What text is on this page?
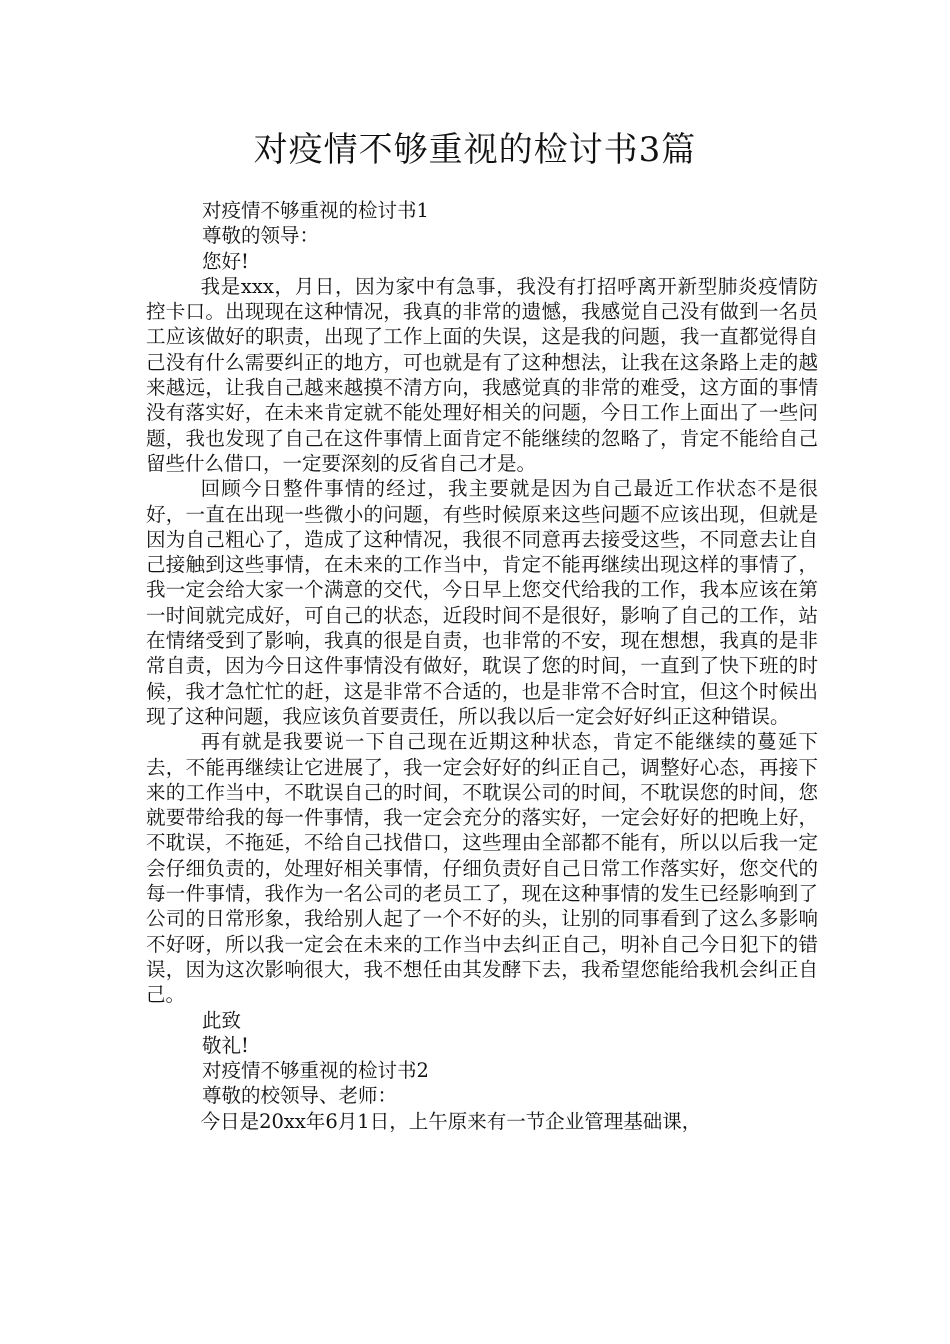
对疫情不够重视的检讨书3篇

对疫情不够重视的检讨书1

尊敬的领导：

您好!

我是xxx，月日，因为家中有急事，我没有打招呼离开新型肺炎疫情防控卡口。出现现在这种情况，我真的非常的遗憾，我感觉自己没有做到一名员工应该做好的职责，出现了工作上面的失误，这是我的问题，我一直都觉得自己没有什么需要纠正的地方，可也就是有了这种想法，让我在这条路上走的越来越远，让我自己越来越摸不清方向，我感觉真的非常的难受，这方面的事情没有落实好，在未来肯定就不能处理好相关的问题，今日工作上面出了一些问题，我也发现了自己在这件事情上面肯定不能继续的忽略了，肯定不能给自己留些什么借口，一定要深刻的反省自己才是。

回顾今日整件事情的经过，我主要就是因为自己最近工作状态不是很好，一直在出现一些微小的问题，有些时候原来这些问题不应该出现，但就是因为自己粗心了，造成了这种情况，我很不同意再去接受这些，不同意去让自己接触到这些事情，在未来的工作当中，肯定不能再继续出现这样的事情了，我一定会给大家一个满意的交代，今日早上您交代给我的工作，我本应该在第一时间就完成好，可自己的状态，近段时间不是很好，影响了自己的工作，站在情绪受到了影响，我真的很是自责，也非常的不安，现在想想，我真的是非常自责，因为今日这件事情没有做好，耽误了您的时间，一直到了快下班的时候，我才急忙忙的赶，这是非常不合适的，也是非常不合时宜，但这个时候出现了这种问题，我应该负首要责任，所以我以后一定会好好纠正这种错误。

再有就是我要说一下自己现在近期这种状态，肯定不能继续的蔓延下去，不能再继续让它进展了，我一定会好好的纠正自己，调整好心态，再接下来的工作当中，不耽误自己的时间，不耽误公司的时间，不耽误您的时间，您就要带给我的每一件事情，我一定会充分的落实好，一定会好好的把晚上好，不耽误，不拖延，不给自己找借口，这些理由全部都不能有，所以以后我一定会仔细负责的，处理好相关事情，仔细负责好自己日常工作落实好，您交代的每一件事情，我作为一名公司的老员工了，现在这种事情的发生已经影响到了公司的日常形象，我给别人起了一个不好的头，让别的同事看到了这么多影响不好呀，所以我一定会在未来的工作当中去纠正自己，明补自己今日犯下的错误，因为这次影响很大，我不想任由其发酵下去，我希望您能给我机会纠正自己。

此致

敬礼!

对疫情不够重视的检讨书2

尊敬的校领导、老师：

今日是20xx年6月1日，上午原来有一节企业管理基础课，
